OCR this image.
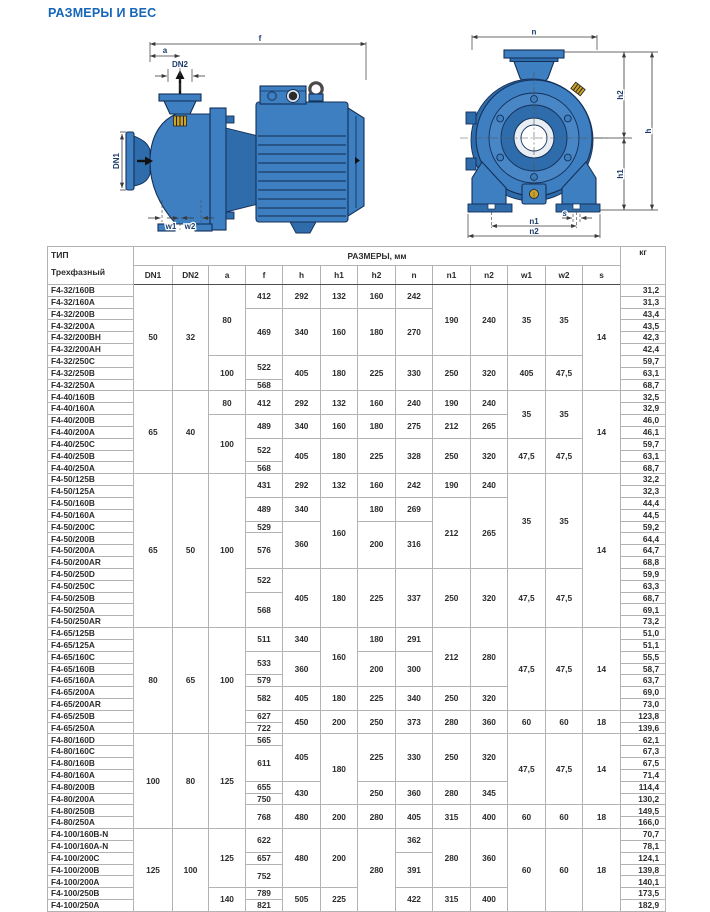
РАЗМЕРЫ И ВЕС
f
a
DN2
w1 w2
DN1
n
h2
h1
h
s
n1
n2
ТИП
Трехфазный	РАЗМЕРЫ, мм													кг
	DN1	DN2	a	f	h	h1	h2	n	n1	n2	w1	w2	s	
F4-32/160B	50	32	80	412	292	132	160	242	190	240	35	35	14	31,2
F4-32/160A														31,3
F4-32/200B				469	340	160	180	270						43,4
F4-32/200A														43,5
F4-32/200BH														42,3
F4-32/200AH														42,4
F4-32/250C			100	522	405	180	225	330	250	320	405	47,5		59,7
F4-32/250B														63,1
F4-32/250A				568										68,7
F4-40/160B	65	40	80	412	292	132	160	240	190	240	35	35	14	32,5
F4-40/160A														32,9
F4-40/200B			100	489	340	160	180	275	212	265				46,0
F4-40/200A														46,1
F4-40/250C				522	405	180	225	328	250	320	47,5	47,5		59,7
F4-40/250B														63,1
F4-40/250A				568										68,7
F4-50/125B	65	50	100	431	292	132	160	242	190	240	35	35	14	32,2
F4-50/125A														32,3
F4-50/160B				489	340	160	180	269	212	265				44,4
F4-50/160A														44,5
F4-50/200C				529	360		200	316						59,2
F4-50/200B				576										64,4
F4-50/200A														64,7
F4-50/200AR														68,8
F4-50/250D				522	405	180	225	337	250	320	47,5	47,5		59,9
F4-50/250C														63,3
F4-50/250B				568										68,7
F4-50/250A														69,1
F4-50/250AR														73,2
F4-65/125B	80	65	100	511	340	160	180	291	212	280	47,5	47,5	14	51,0
F4-65/125A														51,1
F4-65/160C				533	360		200	300						55,5
F4-65/160B														58,7
F4-65/160A				579										63,7
F4-65/200A				582	405	180	225	340	250	320				69,0
F4-65/200AR														73,0
F4-65/250B				627	450	200	250	373	280	360	60	60	18	123,8
F4-65/250A				722										139,6
F4-80/160D	100	80	125	565	405	180	225	330	250	320	47,5	47,5	14	62,1
F4-80/160C				611										67,3
F4-80/160B														67,5
F4-80/160A														71,4
F4-80/200B				655	430		250	360	280	345				114,4
F4-80/200A				750										130,2
F4-80/250B				768	480	200	280	405	315	400	60	60	18	149,5
F4-80/250A														166,0
F4-100/160B-N	125	100	125	622	480	200	280	362	280	360	60	60	18	70,7
F4-100/160A-N														78,1
F4-100/200C				657				391						124,1
F4-100/200B				752										139,8
F4-100/200A														140,1
F4-100/250B			140	789	505	225		422	315	400				173,5
F4-100/250A				821										182,9
